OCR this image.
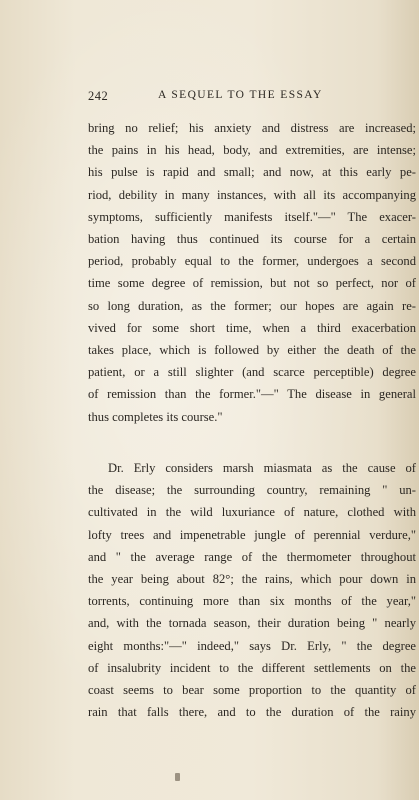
242	A SEQUEL TO THE ESSAY
bring no relief; his anxiety and distress are increased;
the pains in his head, body, and extremities, are intense;
his pulse is rapid and small; and now, at this early pe-
riod, debility in many instances, with all its accompanying
symptoms, sufficiently manifests itself."—" The exacer-
bation having thus continued its course for a certain
period, probably equal to the former, undergoes a second
time some degree of remission, but not so perfect, nor of
so long duration, as the former; our hopes are again re-
vived for some short time, when a third exacerbation
takes place, which is followed by either the death of the
patient, or a still slighter (and scarce perceptible) degree
of remission than the former."—" The disease in general
thus completes its course."
Dr. Erly considers marsh miasmata as the cause of
the disease; the surrounding country, remaining " un-
cultivated in the wild luxuriance of nature, clothed with
lofty trees and impenetrable jungle of perennial verdure,"
and " the average range of the thermometer throughout
the year being about 82°; the rains, which pour down in
torrents, continuing more than six months of the year,"
and, with the tornada season, their duration being " nearly
eight months:"—" indeed," says Dr. Erly, " the degree
of insalubrity incident to the different settlements on the
coast seems to bear some proportion to the quantity of
rain that falls there, and to the duration of the rainy
